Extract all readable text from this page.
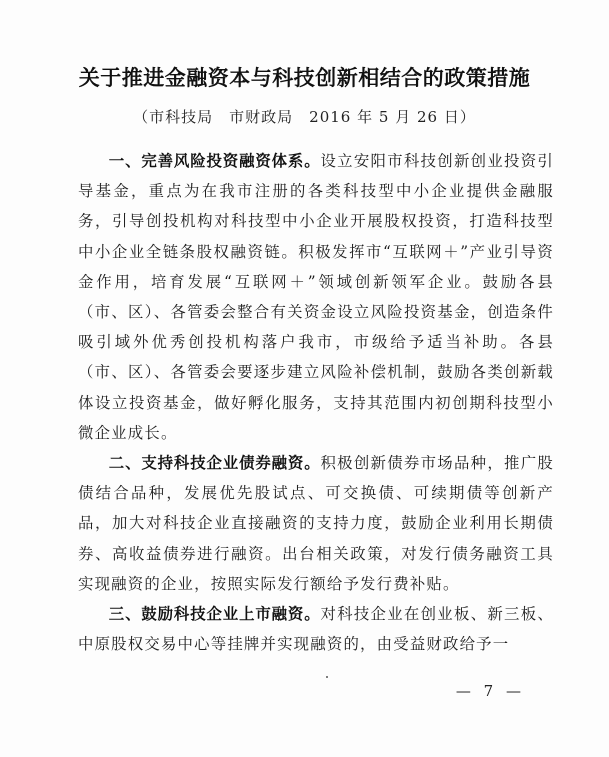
关于推进金融资本与科技创新相结合的政策措施
（市科技局　市财政局　2016 年 5 月 26 日）

一、完善风险投资融资体系。设立安阳市科技创新创业投资引导基金，重点为在我市注册的各类科技型中小企业提供金融服务，引导创投机构对科技型中小企业开展股权投资，打造科技型中小企业全链条股权融资链。积极发挥市“互联网＋”产业引导资金作用，培育发展“互联网＋”领域创新领军企业。鼓励各县（市、区）、各管委会整合有关资金设立风险投资基金，创造条件吸引域外优秀创投机构落户我市，市级给予适当补助。各县（市、区）、各管委会要逐步建立风险补偿机制，鼓励各类创新载体设立投资基金，做好孵化服务，支持其范围内初创期科技型小微企业成长。

二、支持科技企业债券融资。积极创新债券市场品种，推广股债结合品种，发展优先股试点、可交换债、可续期债等创新产品，加大对科技企业直接融资的支持力度，鼓励企业利用长期债券、高收益债券进行融资。出台相关政策，对发行债务融资工具实现融资的企业，按照实际发行额给予发行费补贴。

三、鼓励科技企业上市融资。对科技企业在创业板、新三板、中原股权交易中心等挂牌并实现融资的，由受益财政给予一

— 7 —
